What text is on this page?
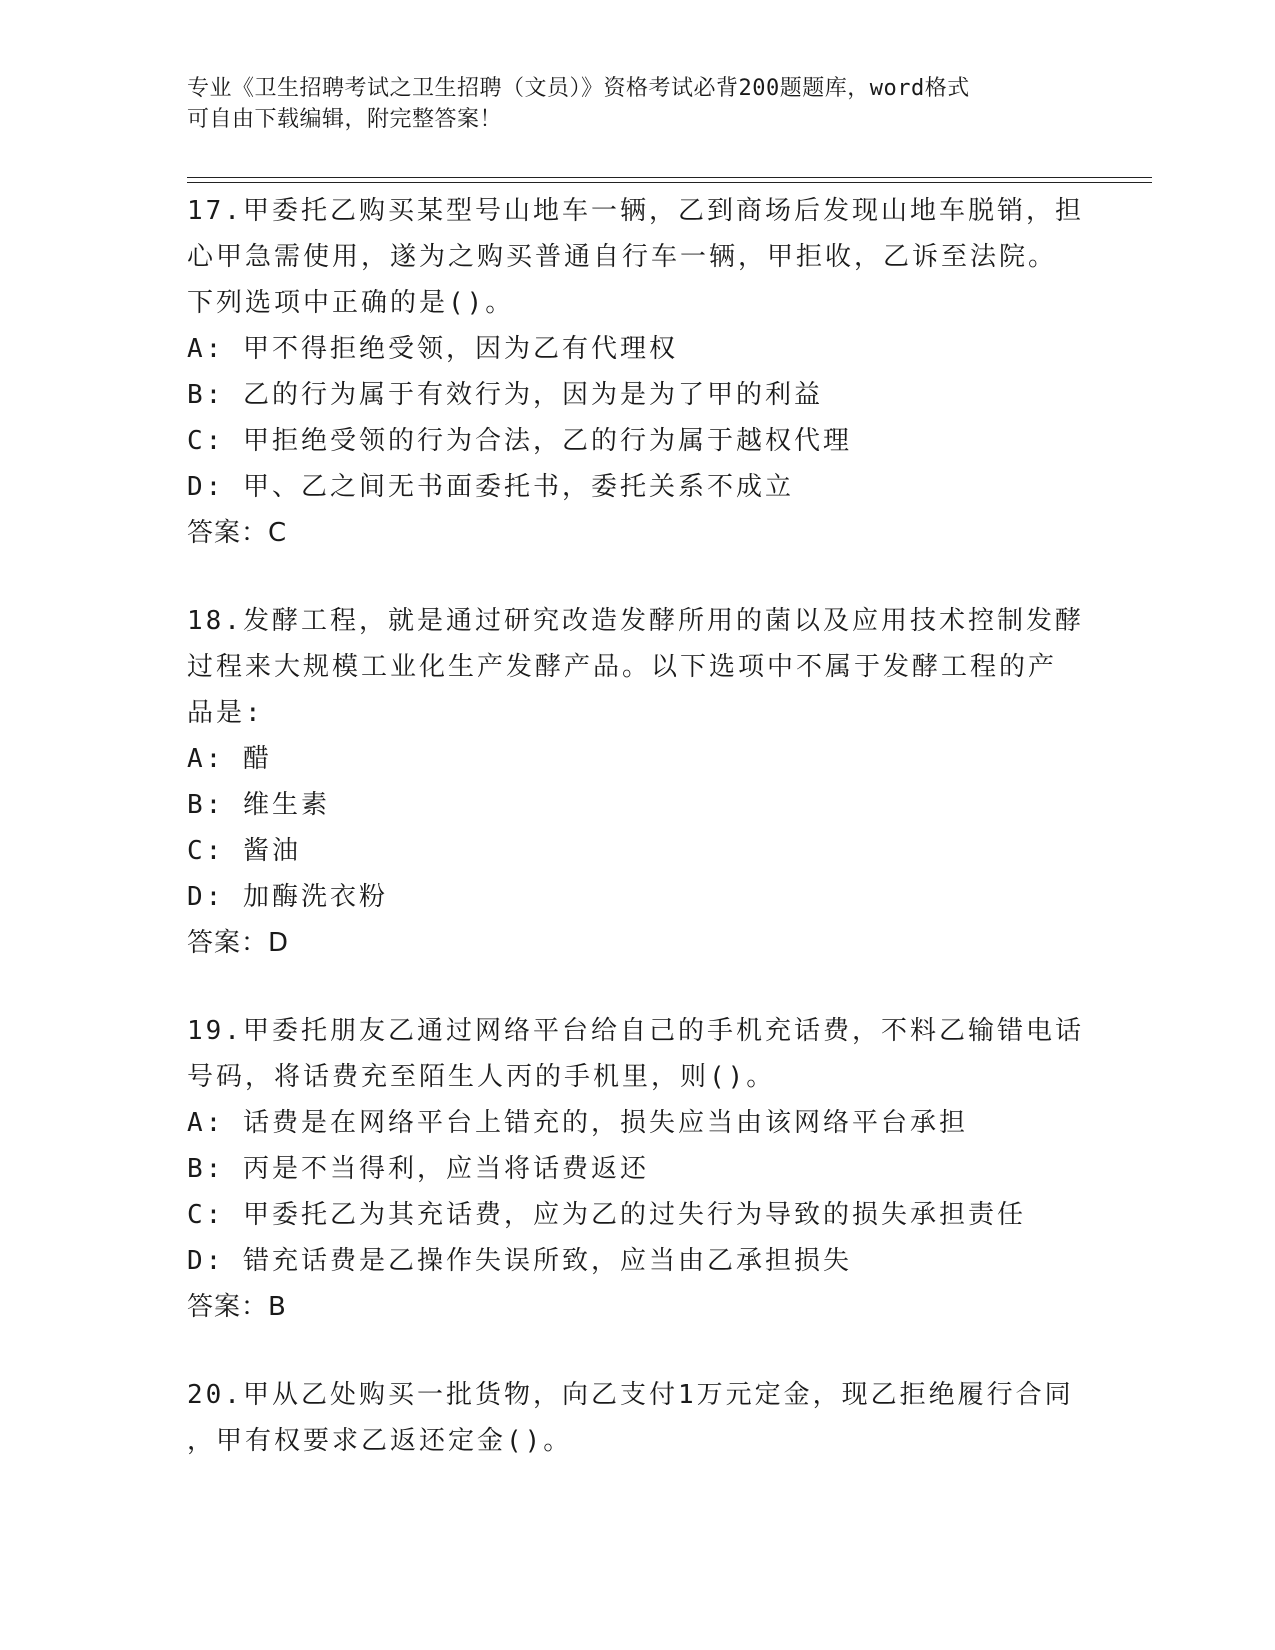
专业《卫生招聘考试之卫生招聘（文员）》资格考试必背200题题库，word格式
可自由下载编辑，附完整答案！

17.甲委托乙购买某型号山地车一辆，乙到商场后发现山地车脱销，担
心甲急需使用，遂为之购买普通自行车一辆，甲拒收，乙诉至法院。
下列选项中正确的是()。

A: 甲不得拒绝受领，因为乙有代理权

B: 乙的行为属于有效行为，因为是为了甲的利益

C: 甲拒绝受领的行为合法，乙的行为属于越权代理

D: 甲、乙之间无书面委托书，委托关系不成立

答案：C

18.发酵工程，就是通过研究改造发酵所用的菌以及应用技术控制发酵
过程来大规模工业化生产发酵产品。以下选项中不属于发酵工程的产
品是:

A: 醋

B: 维生素

C: 酱油

D: 加酶洗衣粉

答案：D

19.甲委托朋友乙通过网络平台给自己的手机充话费，不料乙输错电话
号码，将话费充至陌生人丙的手机里，则()。

A: 话费是在网络平台上错充的，损失应当由该网络平台承担

B: 丙是不当得利，应当将话费返还

C: 甲委托乙为其充话费，应为乙的过失行为导致的损失承担责任

D: 错充话费是乙操作失误所致，应当由乙承担损失

答案：B

20.甲从乙处购买一批货物，向乙支付1万元定金，现乙拒绝履行合同
，甲有权要求乙返还定金()。
